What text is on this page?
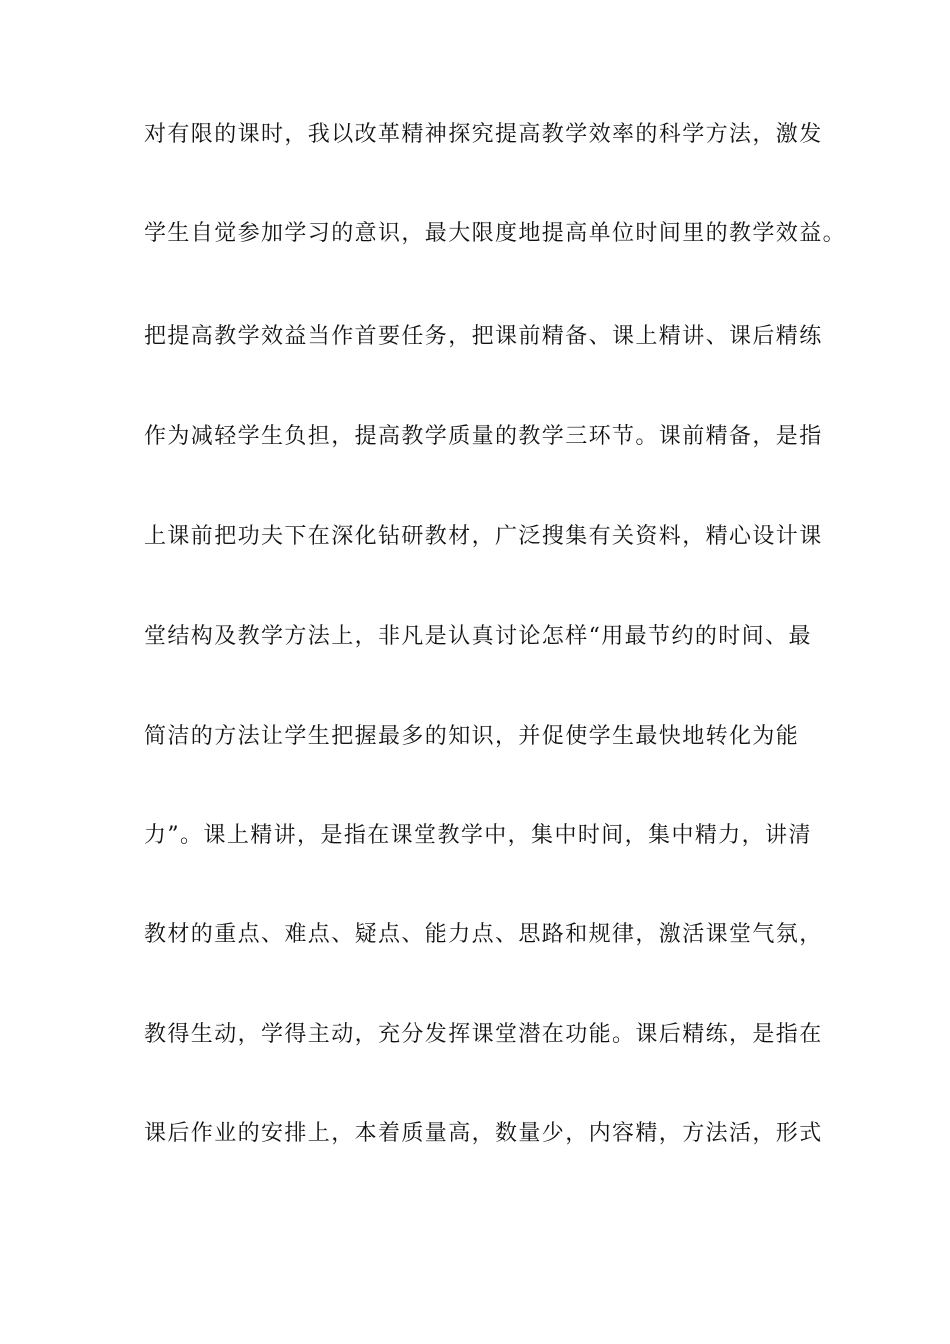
对有限的课时，我以改革精神探究提高教学效率的科学方法，激发
学生自觉参加学习的意识，最大限度地提高单位时间里的教学效益。
把提高教学效益当作首要任务，把课前精备、课上精讲、课后精练
作为减轻学生负担，提高教学质量的教学三环节。课前精备，是指
上课前把功夫下在深化钻研教材，广泛搜集有关资料，精心设计课
堂结构及教学方法上，非凡是认真讨论怎样“用最节约的时间、最
简洁的方法让学生把握最多的知识，并促使学生最快地转化为能
力”。课上精讲，是指在课堂教学中，集中时间，集中精力，讲清
教材的重点、难点、疑点、能力点、思路和规律，激活课堂气氛，
教得生动，学得主动，充分发挥课堂潜在功能。课后精练，是指在
课后作业的安排上，本着质量高，数量少，内容精，方法活，形式
